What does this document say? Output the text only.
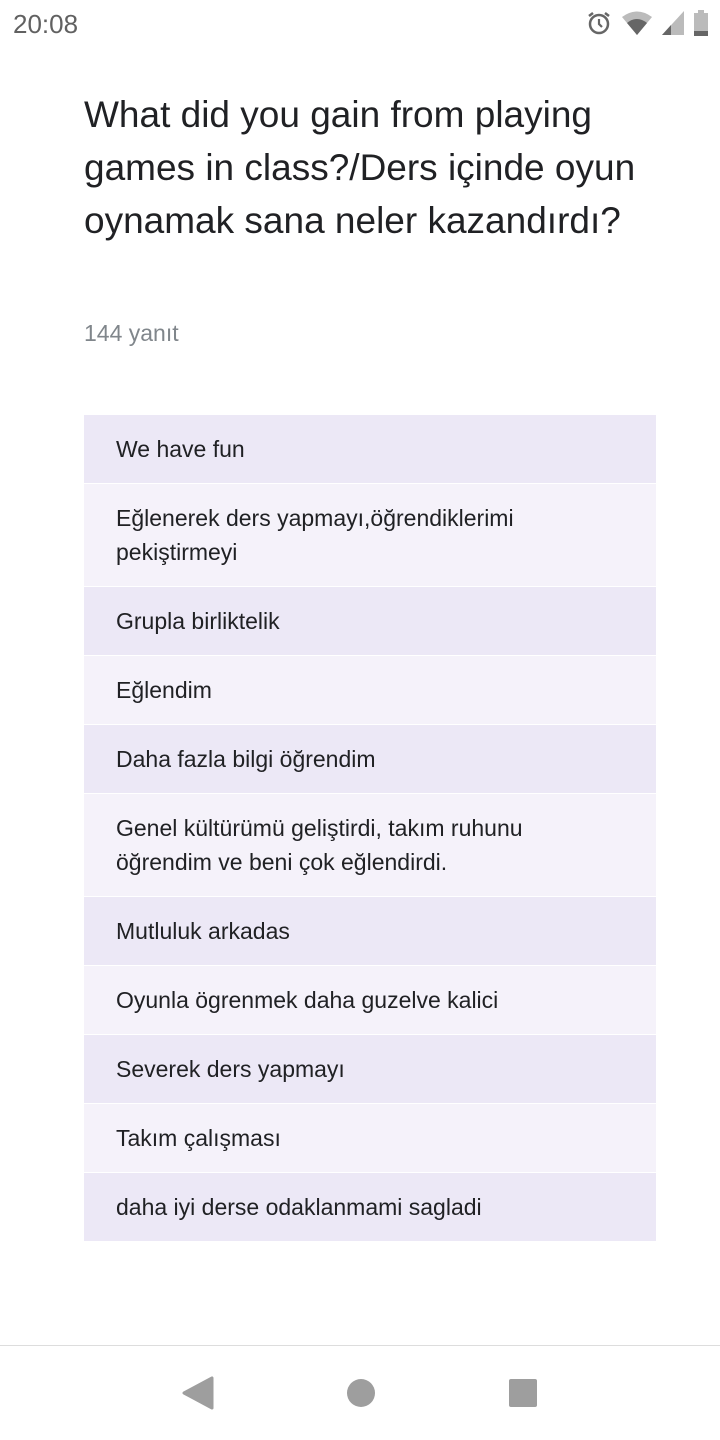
20:08
What did you gain from playing games in class?/Ders içinde oyun oynamak sana neler kazandırdı?
144 yanıt
We have fun
Eğlenerek ders yapmayı,öğrendiklerimi pekiştirmeyi
Grupla birliktelik
Eğlendim
Daha fazla bilgi öğrendim
Genel kültürümü geliştirdi, takım ruhunu öğrendim ve beni çok eğlendirdi.
Mutluluk arkadas
Oyunla ögrenmek daha guzelve kalici
Severek ders yapmayı
Takım çalışması
daha iyi derse odaklanmami sagladi
